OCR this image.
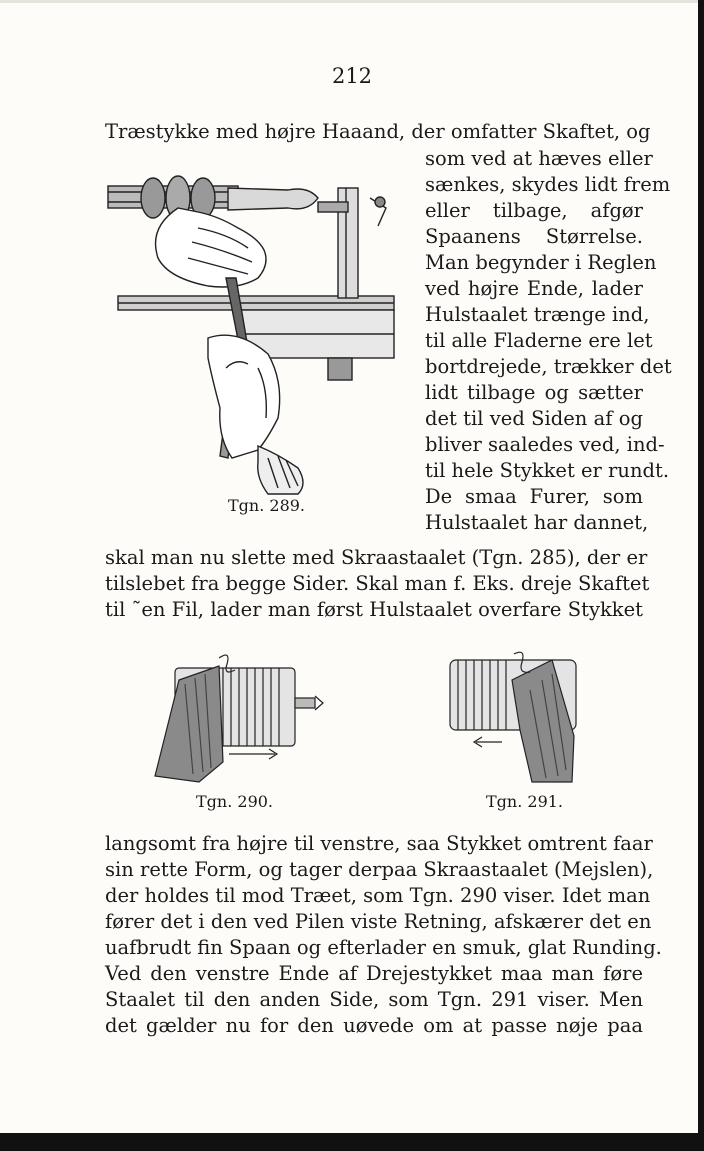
212
Træstykke med højre Haaand, der omfatter Skaftet, og
som ved at hæves eller
sænkes, skydes lidt frem
eller tilbage, afgør
Spaanens Størrelse.
Man begynder i Reglen
ved højre Ende, lader
Hulstaalet trænge ind,
til alle Fladerne ere let
bortdrejede, trækker det
lidt tilbage og sætter
det til ved Siden af og
bliver saaledes ved, ind-
til hele Stykket er rundt.
De smaa Furer, som
Hulstaalet har dannet,
Tgn. 289.
skal man nu slette med Skraastaalet (Tgn. 285), der er
tilslebet fra begge Sider. Skal man f. Eks. dreje Skaftet
til ˜en Fil, lader man først Hulstaalet overfare Stykket
Tgn. 290.	Tgn. 291.
langsomt fra højre til venstre, saa Stykket omtrent faar
sin rette Form, og tager derpaa Skraastaalet (Mejslen),
der holdes til mod Træet, som Tgn. 290 viser. Idet man
fører det i den ved Pilen viste Retning, afskærer det en
uafbrudt fin Spaan og efterlader en smuk, glat Runding.
Ved den venstre Ende af Drejestykket maa man føre
Staalet til den anden Side, som Tgn. 291 viser. Men
det gælder nu for den uøvede om at passe nøje paa
